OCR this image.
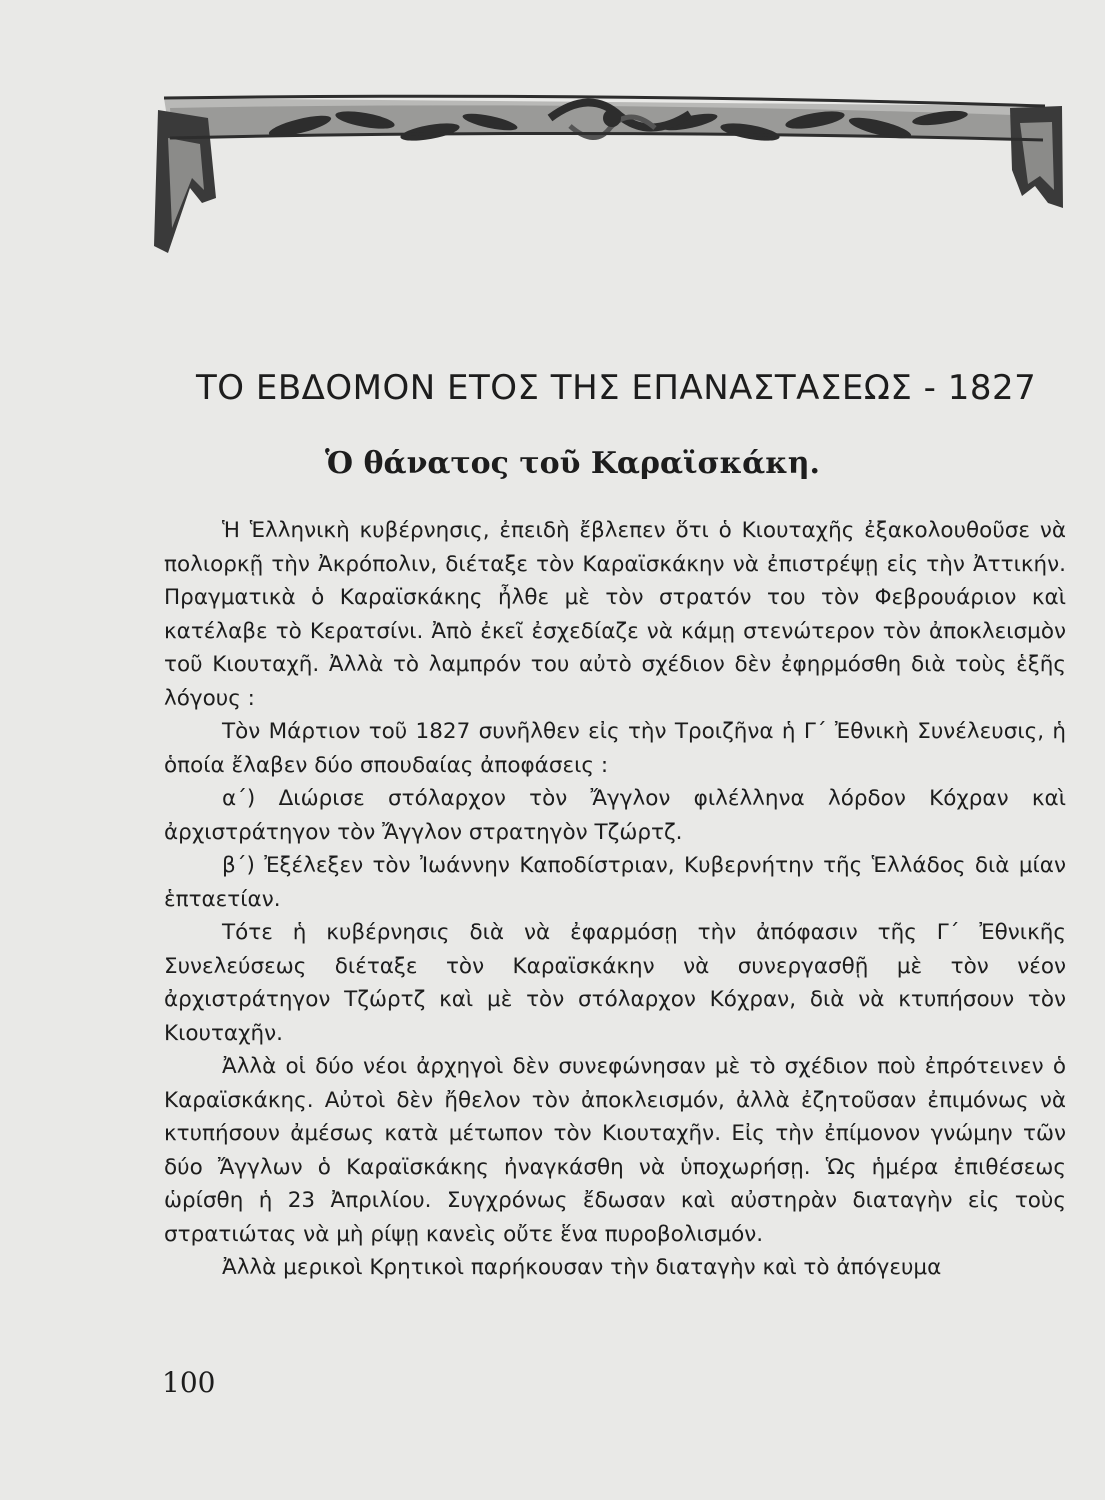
ΤΟ ΕΒΔΟΜΟΝ ΕΤΟΣ ΤΗΣ ΕΠΑΝΑΣΤΑΣΕΩΣ - 1827
Ὁ θάνατος τοῦ Καραϊσκάκη.

Ἡ Ἑλληνικὴ κυβέρνησις, ἐπειδὴ ἔβλεπεν ὅτι ὁ Κιουταχῆς ἐξακολουθοῦσε νὰ πολιορκῇ τὴν Ἀκρόπολιν, διέταξε τὸν Καραϊσκάκην νὰ ἐπιστρέψῃ εἰς τὴν Ἀττικήν. Πραγματικὰ ὁ Καραϊσκάκης ἦλθε μὲ τὸν στρατόν του τὸν Φεβρουάριον καὶ κατέλαβε τὸ Κερατσίνι. Ἀπὸ ἐκεῖ ἐσχεδίαζε νὰ κάμῃ στενώτερον τὸν ἀποκλεισμὸν τοῦ Κιουταχῆ. Ἀλλὰ τὸ λαμπρόν του αὐτὸ σχέδιον δὲν ἐφηρμόσθη διὰ τοὺς ἑξῆς λόγους :

Τὸν Μάρτιον τοῦ 1827 συνῆλθεν εἰς τὴν Τροιζῆνα ἡ Γ΄ Ἐθνικὴ Συνέλευσις, ἡ ὁποία ἔλαβεν δύο σπουδαίας ἀποφάσεις :

α΄) Διώρισε στόλαρχον τὸν Ἄγγλον φιλέλληνα λόρδον Κόχραν καὶ ἀρχιστράτηγον τὸν Ἄγγλον στρατηγὸν Τζώρτζ.

β΄) Ἐξέλεξεν τὸν Ἰωάννην Καποδίστριαν, Κυβερνήτην τῆς Ἑλλάδος διὰ μίαν ἑπταετίαν.

Τότε ἡ κυβέρνησις διὰ νὰ ἐφαρμόσῃ τὴν ἀπόφασιν τῆς Γ΄ Ἐθνικῆς Συνελεύσεως διέταξε τὸν Καραϊσκάκην νὰ συνεργασθῇ μὲ τὸν νέον ἀρχιστράτηγον Τζώρτζ καὶ μὲ τὸν στόλαρχον Κόχραν, διὰ νὰ κτυπήσουν τὸν Κιουταχῆν.

Ἀλλὰ οἱ δύο νέοι ἀρχηγοὶ δὲν συνεφώνησαν μὲ τὸ σχέδιον ποὺ ἐπρότεινεν ὁ Καραϊσκάκης. Αὐτοὶ δὲν ἤθελον τὸν ἀποκλεισμόν, ἀλλὰ ἐζητοῦσαν ἐπιμόνως νὰ κτυπήσουν ἀμέσως κατὰ μέτωπον τὸν Κιουταχῆν. Εἰς τὴν ἐπίμονον γνώμην τῶν δύο Ἄγγλων ὁ Καραϊσκάκης ἠναγκάσθη νὰ ὑποχωρήσῃ. Ὡς ἡμέρα ἐπιθέσεως ὡρίσθη ἡ 23 Ἀπριλίου. Συγχρόνως ἔδωσαν καὶ αὐστηρὰν διαταγὴν εἰς τοὺς στρατιώτας νὰ μὴ ρίψῃ κανεὶς οὔτε ἕνα πυροβολισμόν.

Ἀλλὰ μερικοὶ Κρητικοὶ παρήκουσαν τὴν διαταγὴν καὶ τὸ ἀπόγευμα

100
